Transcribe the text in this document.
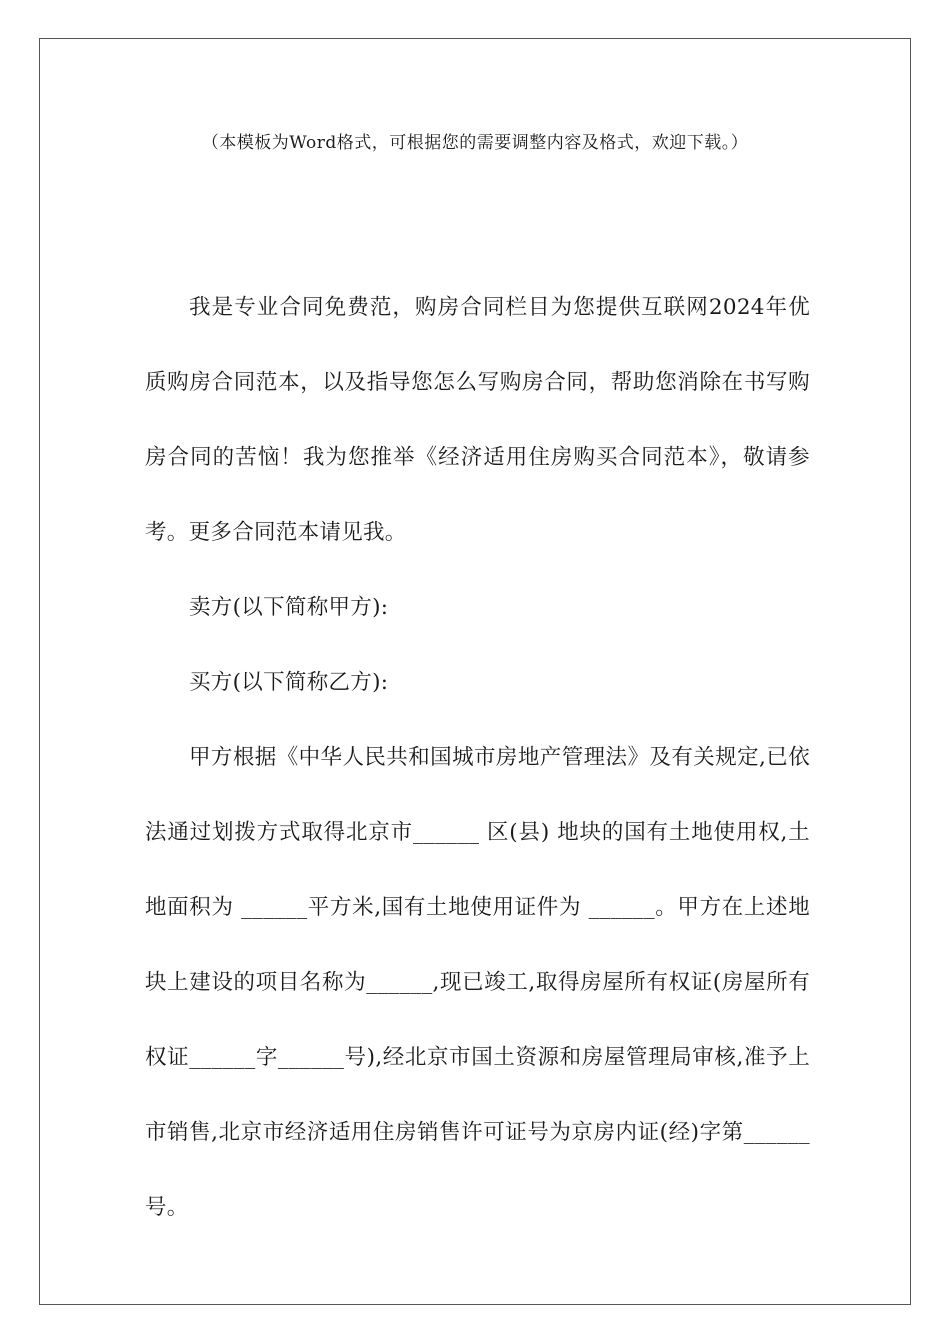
（本模板为Word格式，可根据您的需要调整内容及格式，欢迎下载。）

我是专业合同免费范，购房合同栏目为您提供互联网2024年优质购房合同范本，以及指导您怎么写购房合同，帮助您消除在书写购房合同的苦恼！我为您推举《经济适用住房购买合同范本》，敬请参考。更多合同范本请见我。

卖方(以下简称甲方):

买方(以下简称乙方):

甲方根据《中华人民共和国城市房地产管理法》及有关规定,已依法通过划拨方式取得北京市______ 区(县) 地块的国有土地使用权,土地面积为 ______平方米,国有土地使用证件为 ______。甲方在上述地块上建设的项目名称为______,现已竣工,取得房屋所有权证(房屋所有权证______字______号),经北京市国土资源和房屋管理局审核,准予上市销售,北京市经济适用住房销售许可证号为京房内证(经)字第______号。
